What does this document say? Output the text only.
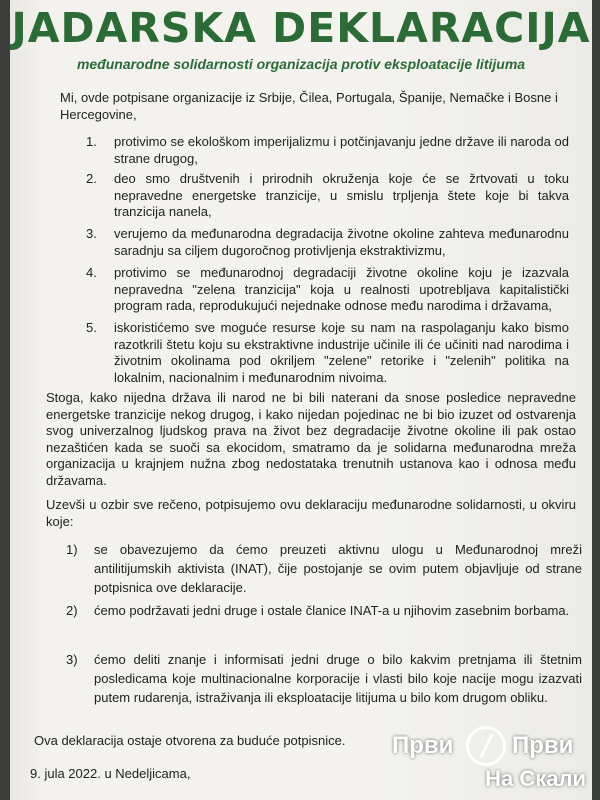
JADARSKA DEKLARACIJA
međunarodne solidarnosti organizacija protiv eksploatacije litijuma
Mi, ovde potpisane organizacije iz Srbije, Čilea, Portugala, Španije, Nemačke i Bosne i Hercegovine,
1. protivimo se ekološkom imperijalizmu i potčinjavanju jedne države ili naroda od strane drugog,
2. deo smo društvenih i prirodnih okruženja koje će se žrtvovati u toku nepravedne energetske tranzicije, u smislu trpljenja štete koje bi takva tranzicija nanela,
3. verujemo da međunarodna degradacija životne okoline zahteva međunarodnu saradnju sa ciljem dugoročnog protivljenja ekstraktivizmu,
4. protivimo se međunarodnoj degradaciji životne okoline koju je izazvala nepravedna "zelena tranzicija" koja u realnosti upotrebljava kapitalistički program rada, reprodukujući nejednake odnose među narodima i državama,
5. iskoristićemo sve moguće resurse koje su nam na raspolaganju kako bismo razotkrili štetu koju su ekstraktivne industrije učinile ili će učiniti nad narodima i životnim okolinama pod okriljem "zelene" retorike i "zelenih" politika na lokalnim, nacionalnim i međunarodnim nivoima.
Stoga, kako nijedna država ili narod ne bi bili naterani da snose posledice nepravedne energetske tranzicije nekog drugog, i kako nijedan pojedinac ne bi bio izuzet od ostvarenja svog univerzalnog ljudskog prava na život bez degradacije životne okoline ili pak ostao nezaštićen kada se suoči sa ekocidom, smatramo da je solidarna međunarodna mreža organizacija u krajnjem nužna zbog nedostataka trenutnih ustanova kao i odnosa među državama.
Uzevši u ozbir sve rečeno, potpisujemo ovu deklaraciju međunarodne solidarnosti, u okviru koje:
1) se obavezujemo da ćemo preuzeti aktivnu ulogu u Međunarodnoj mreži antilitijumskih aktivista (INAT), čije postojanje se ovim putem objavljuje od strane potpisnica ove deklaracije.
2) ćemo podržavati jedni druge i ostale članice INAT-a u njihovim zasebnim borbama.
3) ćemo deliti znanje i informisati jedni druge o bilo kakvim pretnjama ili štetnim posledicama koje multinacionalne korporacije i vlasti bilo koje nacije mogu izazvati putem rudarenja, istraživanja ili eksploatacije litijuma u bilo kom drugom obliku.
Ova deklaracija ostaje otvorena za buduće potpisnice.
9. jula 2022. u Nedeljicama,
Први Први
На Скали
